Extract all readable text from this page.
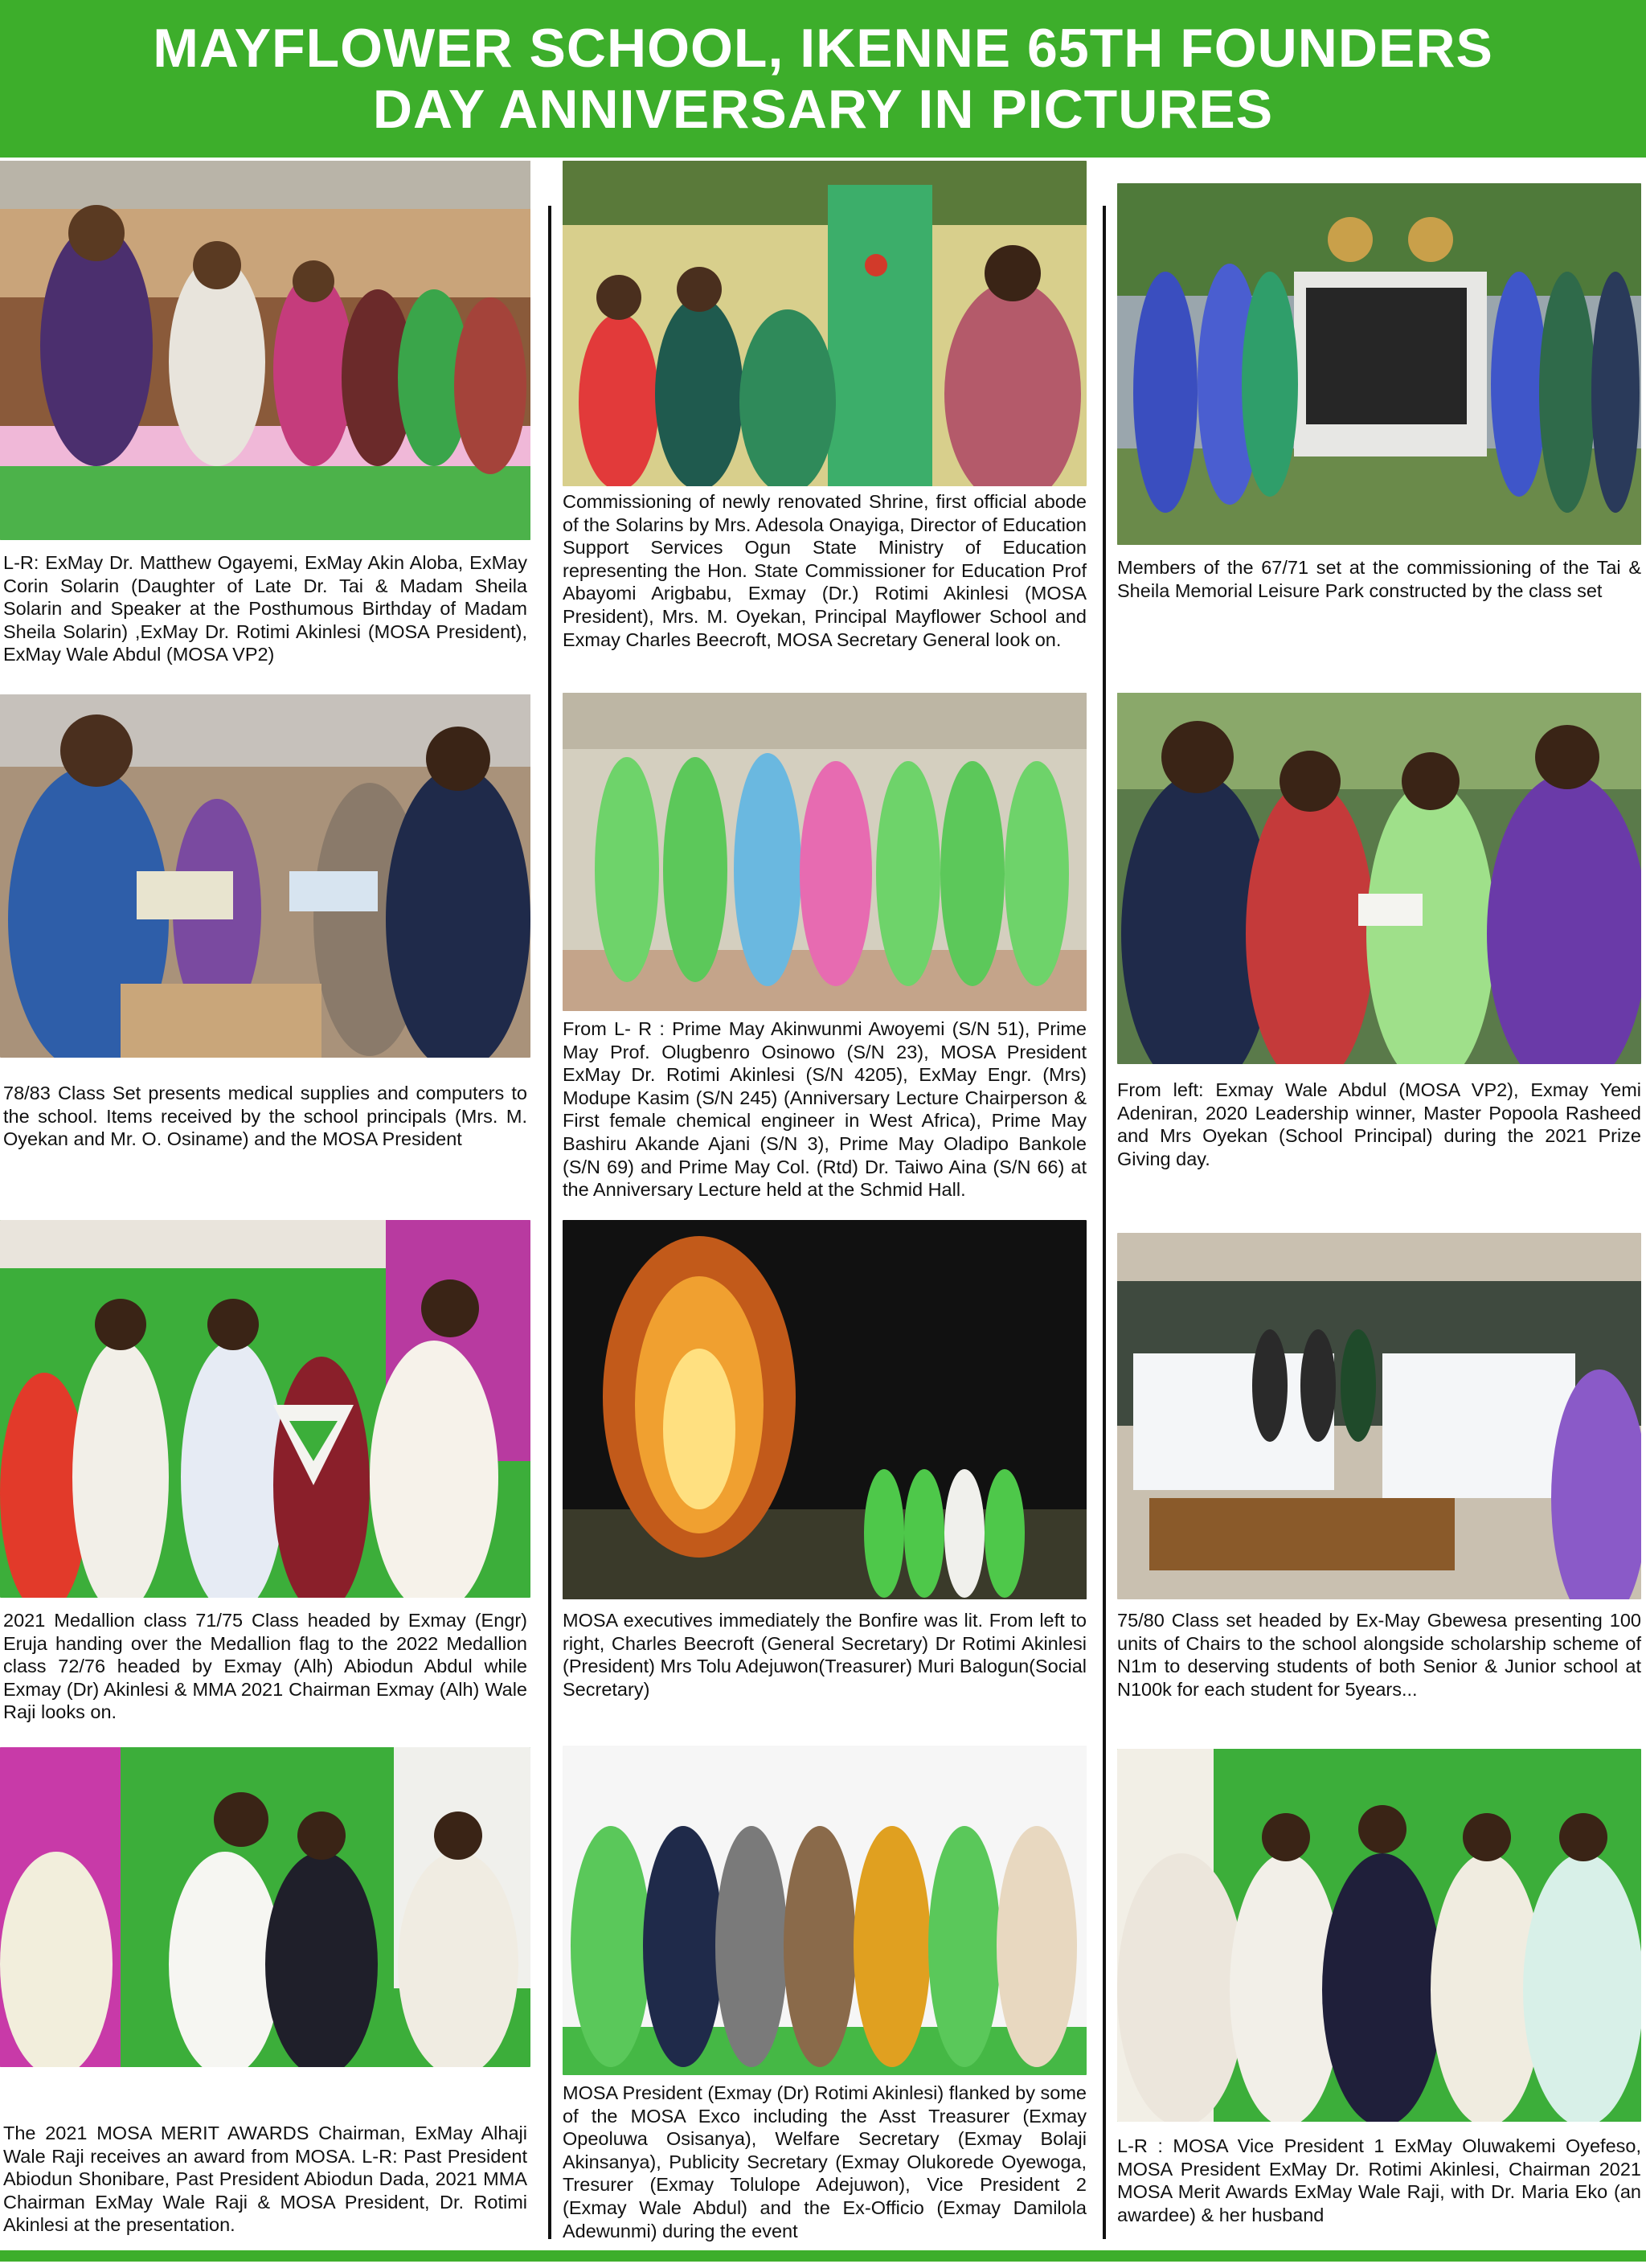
MAYFLOWER SCHOOL, IKENNE 65TH FOUNDERS
DAY ANNIVERSARY IN PICTURES

L-R: ExMay Dr. Matthew Ogayemi, ExMay Akin Aloba, ExMay Corin Solarin (Daughter of Late Dr. Tai & Madam Sheila Solarin and Speaker at the Posthumous Birthday of Madam Sheila Solarin) ,ExMay Dr. Rotimi Akinlesi (MOSA President), ExMay Wale Abdul (MOSA VP2)

Commissioning of newly renovated Shrine, first official abode of the Solarins by Mrs. Adesola Onayiga, Director of Education Support Services Ogun State Ministry of Education representing the Hon. State Commissioner for Education Prof Abayomi Arigbabu, Exmay (Dr.) Rotimi Akinlesi (MOSA President), Mrs. M. Oyekan, Principal Mayflower School and Exmay Charles Beecroft, MOSA Secretary General look on.

Members of the 67/71 set at the commissioning of the Tai & Sheila Memorial Leisure Park constructed by the class set

78/83 Class Set presents medical supplies and computers to the school. Items received by the school principals (Mrs. M. Oyekan and Mr. O. Osiname) and the MOSA President

From L- R : Prime May Akinwunmi Awoyemi (S/N 51), Prime May Prof. Olugbenro Osinowo (S/N 23), MOSA President ExMay Dr. Rotimi Akinlesi (S/N 4205), ExMay Engr. (Mrs) Modupe Kasim (S/N 245) (Anniversary Lecture Chairperson & First female chemical engineer in West Africa), Prime May Bashiru Akande Ajani (S/N 3), Prime May Oladipo Bankole (S/N 69) and Prime May Col. (Rtd) Dr. Taiwo Aina (S/N 66) at the Anniversary Lecture held at the Schmid Hall.

From left: Exmay Wale Abdul (MOSA VP2), Exmay Yemi Adeniran, 2020 Leadership winner, Master Popoola Rasheed and Mrs Oyekan (School Principal) during the 2021 Prize Giving day.

2021 Medallion class 71/75 Class headed by Exmay (Engr) Eruja handing over the Medallion flag to the 2022 Medallion class 72/76 headed by Exmay (Alh) Abiodun Abdul while Exmay (Dr) Akinlesi & MMA 2021 Chairman Exmay (Alh) Wale Raji looks on.

MOSA executives immediately the Bonfire was lit. From left to right, Charles Beecroft (General Secretary) Dr Rotimi Akinlesi (President) Mrs Tolu Adejuwon(Treasurer) Muri Balogun(Social Secretary)

75/80 Class set headed by Ex-May Gbewesa presenting 100 units of Chairs to the school alongside scholarship scheme of N1m to deserving students of both Senior & Junior school at N100k for each student for 5years...

The 2021 MOSA MERIT AWARDS Chairman, ExMay Alhaji Wale Raji receives an award from MOSA. L-R: Past President Abiodun Shonibare, Past President Abiodun Dada, 2021 MMA Chairman ExMay Wale Raji & MOSA President, Dr. Rotimi Akinlesi at the presentation.

MOSA President (Exmay (Dr) Rotimi Akinlesi) flanked by some of the MOSA Exco including the Asst Treasurer (Exmay Opeoluwa Osisanya), Welfare Secretary (Exmay Bolaji Akinsanya), Publicity Secretary (Exmay Olukorede Oyewoga, Tresurer (Exmay Tolulope Adejuwon), Vice President 2 (Exmay Wale Abdul) and the Ex-Officio (Exmay Damilola Adewunmi) during the event

L-R : MOSA Vice President 1 ExMay Oluwakemi Oyefeso, MOSA President ExMay Dr. Rotimi Akinlesi, Chairman 2021 MOSA Merit Awards ExMay Wale Raji, with Dr. Maria Eko (an awardee) & her husband
